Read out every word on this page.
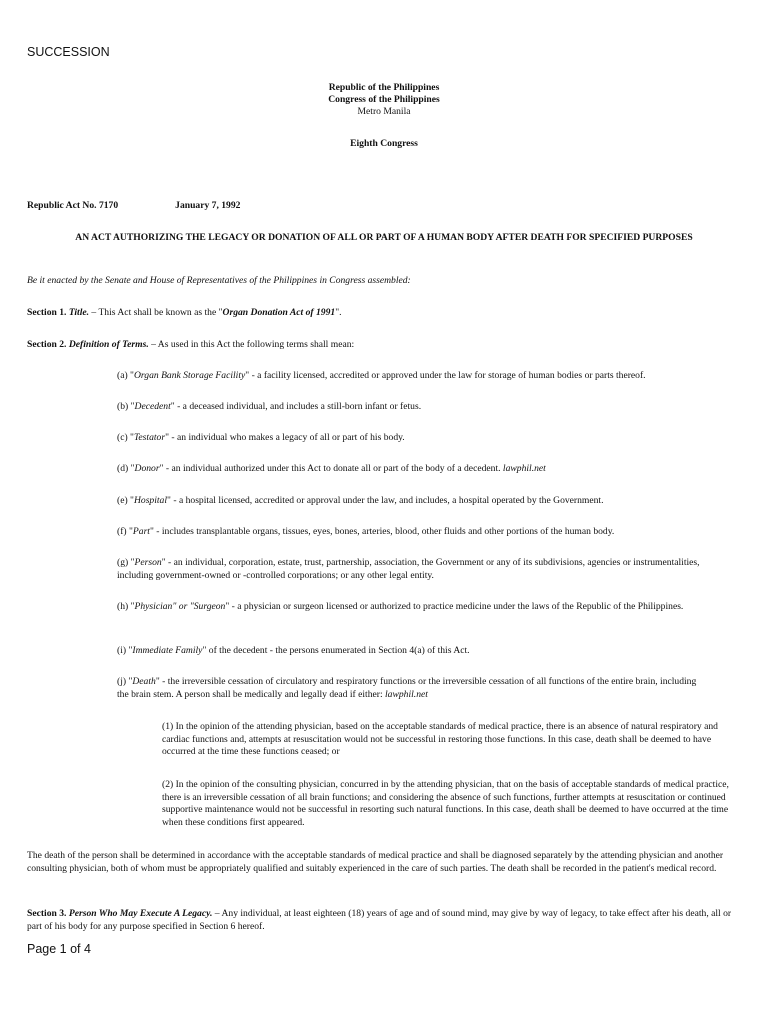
SUCCESSION
Republic of the Philippines
Congress of the Philippines
Metro Manila
Eighth Congress
Republic Act No. 7170	January 7, 1992
AN ACT AUTHORIZING THE LEGACY OR DONATION OF ALL OR PART OF A HUMAN BODY AFTER DEATH FOR SPECIFIED PURPOSES
Be it enacted by the Senate and House of Representatives of the Philippines in Congress assembled:
Section 1. Title. – This Act shall be known as the "Organ Donation Act of 1991".
Section 2. Definition of Terms. – As used in this Act the following terms shall mean:
(a) "Organ Bank Storage Facility" - a facility licensed, accredited or approved under the law for storage of human bodies or parts thereof.
(b) "Decedent" - a deceased individual, and includes a still-born infant or fetus.
(c) "Testator" - an individual who makes a legacy of all or part of his body.
(d) "Donor" - an individual authorized under this Act to donate all or part of the body of a decedent. lawphil.net
(e) "Hospital" - a hospital licensed, accredited or approval under the law, and includes, a hospital operated by the Government.
(f) "Part" - includes transplantable organs, tissues, eyes, bones, arteries, blood, other fluids and other portions of the human body.
(g) "Person" - an individual, corporation, estate, trust, partnership, association, the Government or any of its subdivisions, agencies or instrumentalities, including government-owned or -controlled corporations; or any other legal entity.
(h) "Physician" or "Surgeon" - a physician or surgeon licensed or authorized to practice medicine under the laws of the Republic of the Philippines.
(i) "Immediate Family" of the decedent - the persons enumerated in Section 4(a) of this Act.
(j) "Death" - the irreversible cessation of circulatory and respiratory functions or the irreversible cessation of all functions of the entire brain, including the brain stem. A person shall be medically and legally dead if either: lawphil.net
(1) In the opinion of the attending physician, based on the acceptable standards of medical practice, there is an absence of natural respiratory and cardiac functions and, attempts at resuscitation would not be successful in restoring those functions. In this case, death shall be deemed to have occurred at the time these functions ceased; or
(2) In the opinion of the consulting physician, concurred in by the attending physician, that on the basis of acceptable standards of medical practice, there is an irreversible cessation of all brain functions; and considering the absence of such functions, further attempts at resuscitation or continued supportive maintenance would not be successful in resorting such natural functions. In this case, death shall be deemed to have occurred at the time when these conditions first appeared.
The death of the person shall be determined in accordance with the acceptable standards of medical practice and shall be diagnosed separately by the attending physician and another consulting physician, both of whom must be appropriately qualified and suitably experienced in the care of such parties. The death shall be recorded in the patient's medical record.
Section 3. Person Who May Execute A Legacy. – Any individual, at least eighteen (18) years of age and of sound mind, may give by way of legacy, to take effect after his death, all or part of his body for any purpose specified in Section 6 hereof.
Page 1 of 4
